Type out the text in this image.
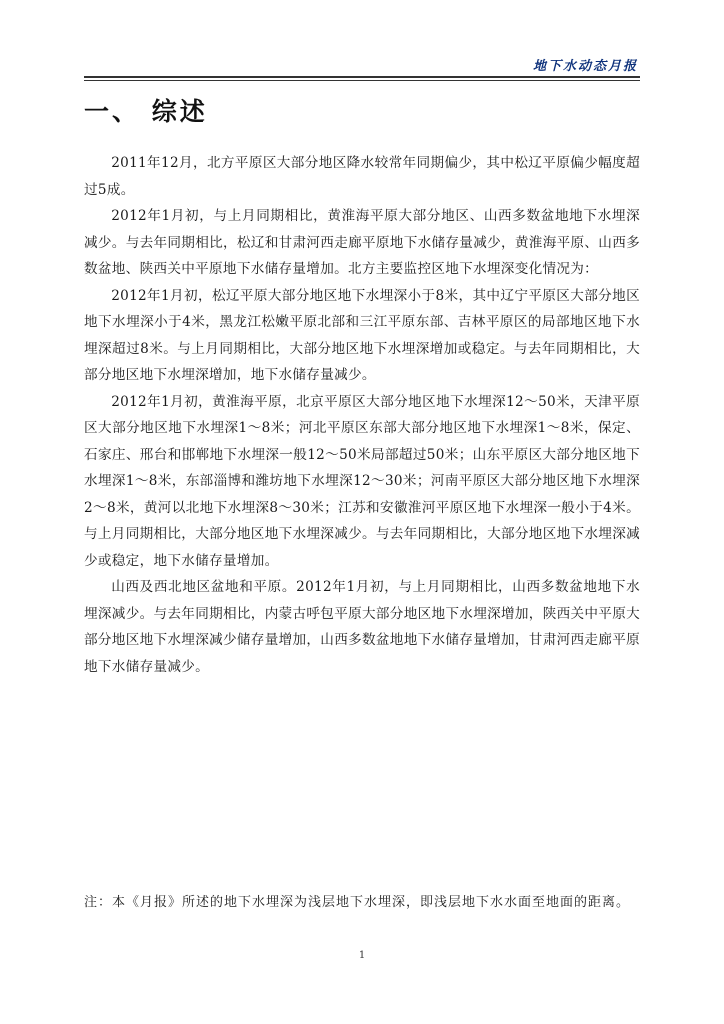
地下水动态月报
一、 综述

2011年12月，北方平原区大部分地区降水较常年同期偏少，其中松辽平原偏少幅度超过5成。

2012年1月初，与上月同期相比，黄淮海平原大部分地区、山西多数盆地地下水埋深减少。与去年同期相比，松辽和甘肃河西走廊平原地下水储存量减少，黄淮海平原、山西多数盆地、陕西关中平原地下水储存量增加。北方主要监控区地下水埋深变化情况为：

2012年1月初，松辽平原大部分地区地下水埋深小于8米，其中辽宁平原区大部分地区地下水埋深小于4米，黑龙江松嫩平原北部和三江平原东部、吉林平原区的局部地区地下水埋深超过8米。与上月同期相比，大部分地区地下水埋深增加或稳定。与去年同期相比，大部分地区地下水埋深增加，地下水储存量减少。

2012年1月初，黄淮海平原，北京平原区大部分地区地下水埋深12～50米，天津平原区大部分地区地下水埋深1～8米；河北平原区东部大部分地区地下水埋深1～8米，保定、石家庄、邢台和邯郸地下水埋深一般12～50米局部超过50米；山东平原区大部分地区地下水埋深1～8米，东部淄博和潍坊地下水埋深12～30米；河南平原区大部分地区地下水埋深2～8米，黄河以北地下水埋深8～30米；江苏和安徽淮河平原区地下水埋深一般小于4米。与上月同期相比，大部分地区地下水埋深减少。与去年同期相比，大部分地区地下水埋深减少或稳定，地下水储存量增加。

山西及西北地区盆地和平原。2012年1月初，与上月同期相比，山西多数盆地地下水埋深减少。与去年同期相比，内蒙古呼包平原大部分地区地下水埋深增加，陕西关中平原大部分地区地下水埋深减少储存量增加，山西多数盆地地下水储存量增加，甘肃河西走廊平原地下水储存量减少。

注：本《月报》所述的地下水埋深为浅层地下水埋深，即浅层地下水水面至地面的距离。
1
